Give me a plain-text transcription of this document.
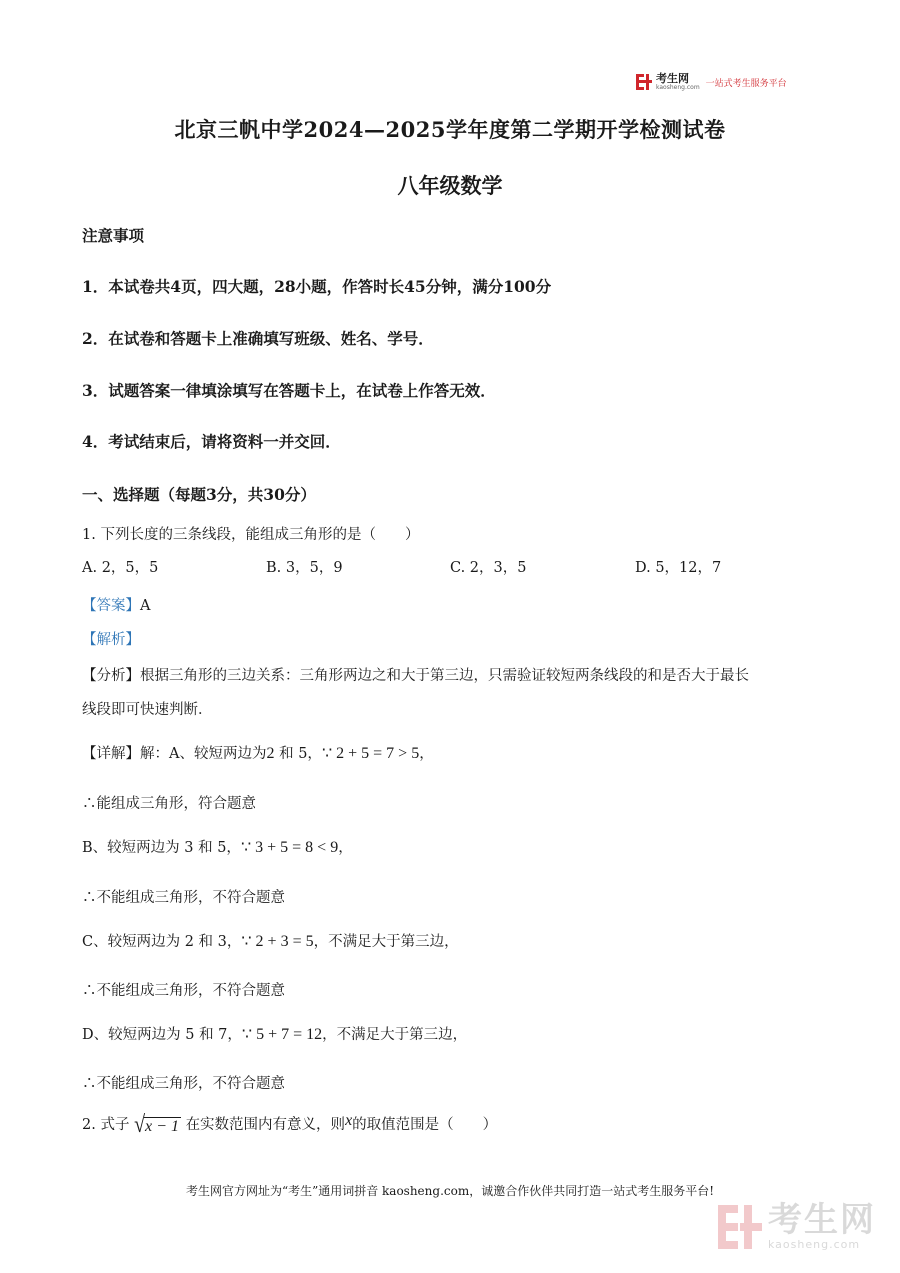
考生网
kaosheng.com 一站式考生服务平台
北京三帆中学2024—2025学年度第二学期开学检测试卷
八年级数学
注意事项
1．本试卷共4页，四大题，28小题，作答时长45分钟，满分100分
2．在试卷和答题卡上准确填写班级、姓名、学号．
3．试题答案一律填涂填写在答题卡上，在试卷上作答无效．
4．考试结束后，请将资料一并交回．
一、选择题（每题3分，共30分）
1. 下列长度的三条线段，能组成三角形的是（　　）
A. 2，5，5	B. 3，5，9	C. 2，3，5	D. 5，12，7
【答案】A
【解析】
【分析】根据三角形的三边关系：三角形两边之和大于第三边，只需验证较短两条线段的和是否大于最长
线段即可快速判断．
【详解】解：A、较短两边为2 和 5，∵ 2 + 5 = 7 > 5，
∴能组成三角形，符合题意
B、较短两边为 3 和 5，∵ 3 + 5 = 8 < 9，
∴不能组成三角形，不符合题意
C、较短两边为 2 和 3，∵ 2 + 3 = 5，不满足大于第三边，
∴不能组成三角形，不符合题意
D、较短两边为 5 和 7，∵ 5 + 7 = 12，不满足大于第三边，
∴不能组成三角形，不符合题意
2. 式子 √x − 1 在实数范围内有意义，则x的取值范围是（　　）
考生网官方网址为“考生”通用词拼音 kaosheng.com，诚邀合作伙伴共同打造一站式考生服务平台!
考生网
kaosheng.com
